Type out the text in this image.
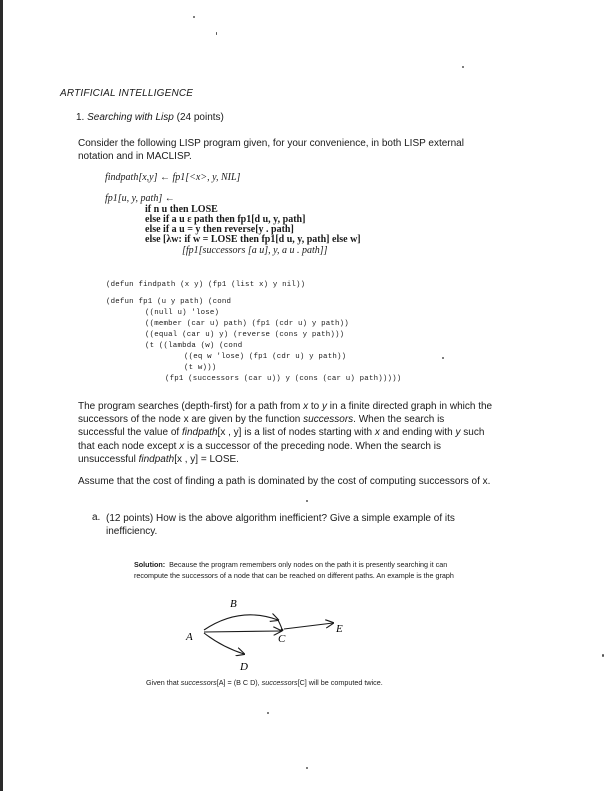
ARTIFICIAL INTELLIGENCE
1. Searching with Lisp (24 points)
Consider the following LISP program given, for your convenience, in both LISP external notation and in MACLISP.
findpath[x,y] ← fp1[<x>, y, NIL]
fp1[u, y, path] ←
if n u then LOSE
else if a u ε path then fp1[d u, y, path]
else if a u = y then reverse[y . path]
else [λw: if w = LOSE then fp1[d u, y, path] else w]
[fp1[successors [a u], y, a u . path]]
(defun findpath (x y) (fp1 (list x) y nil))
(defun fp1 (u y path) (cond
((null u) 'lose)
((member (car u) path) (fp1 (cdr u) y path))
((equal (car u) y) (reverse (cons y path)))
(t ((lambda (w) (cond
((eq w 'lose) (fp1 (cdr u) y path))
(t w)))
(fp1 (successors (car u)) y (cons (car u) path)))))
The program searches (depth-first) for a path from x to y in a finite directed graph in which the successors of the node x are given by the function successors. When the search is successful the value of findpath[x , y] is a list of nodes starting with x and ending with y such that each node except x is a successor of the preceding node. When the search is unsuccessful findpath[x , y] = LOSE.
Assume that the cost of finding a path is dominated by the cost of computing successors of x.
a. (12 points) How is the above algorithm inefficient? Give a simple example of its inefficiency.
Solution: Because the program remembers only nodes on the path it is presently searching it can recompute the successors of a node that can be reached on different paths. An example is the graph
A
B
C
D
E
Given that successors[A] = (B C D), successors[C] will be computed twice.
